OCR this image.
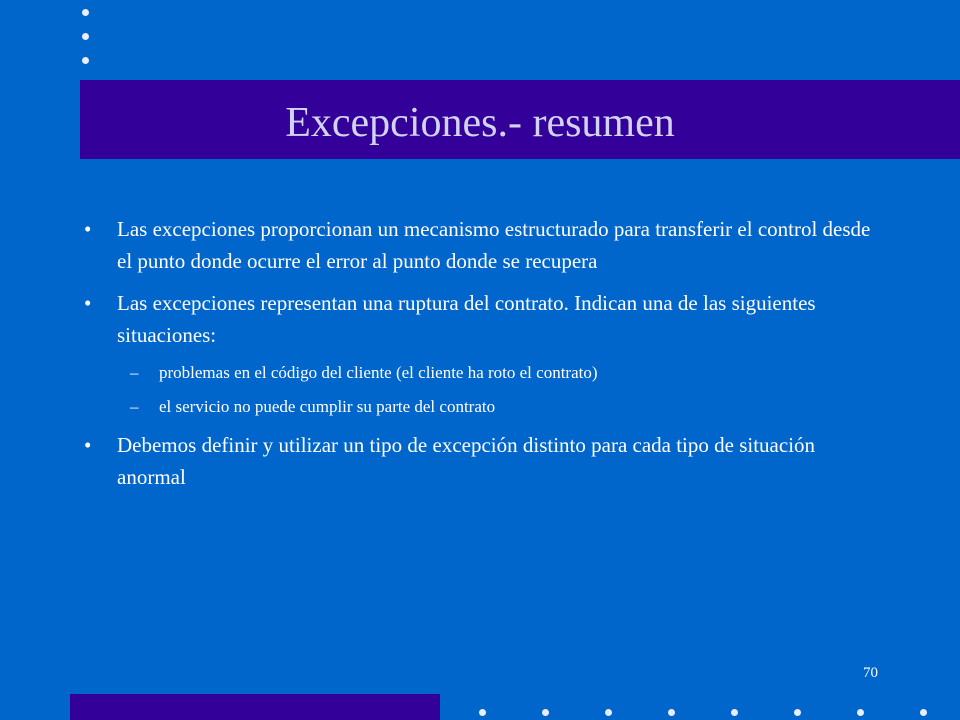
Excepciones.- resumen
• Las excepciones proporcionan un mecanismo estructurado para transferir el control desde el punto donde ocurre el error al punto donde se recupera
• Las excepciones representan una ruptura del contrato. Indican una de las siguientes situaciones:
– problemas en el código del cliente (el cliente ha roto el contrato)
– el servicio no puede cumplir su parte del contrato
• Debemos definir y utilizar un tipo de excepción distinto para cada tipo de situación anormal
70
